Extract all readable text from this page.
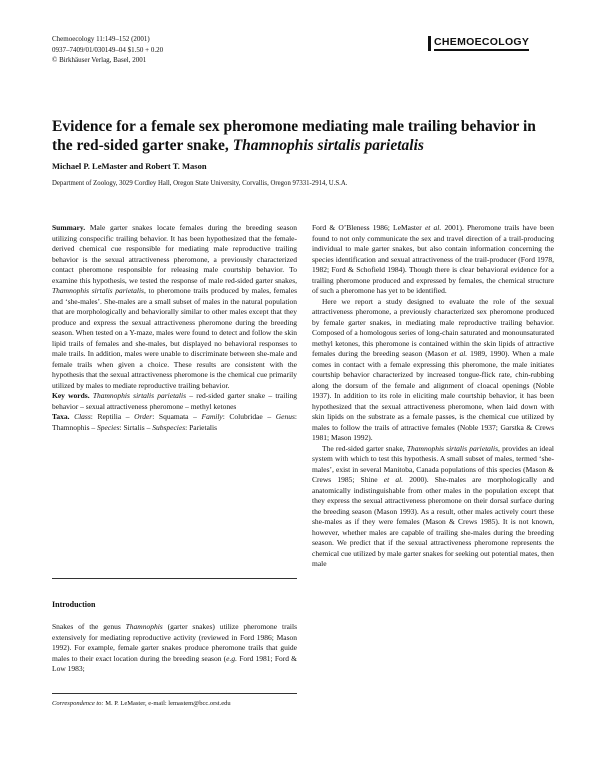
Chemoecology 11:149–152 (2001)
0937–7409/01/030149–04 $1.50 + 0.20
© Birkhäuser Verlag, Basel, 2001
CHEMOECOLOGY
Evidence for a female sex pheromone mediating male trailing behavior in
the red-sided garter snake, Thamnophis sirtalis parietalis
Michael P. LeMaster and Robert T. Mason
Department of Zoology, 3029 Cordley Hall, Oregon State University, Corvallis, Oregon 97331-2914, U.S.A.

Summary. Male garter snakes locate females during the breeding season utilizing conspecific trailing behavior. It has been hypothesized that the female-derived chemical cue responsible for mediating male reproductive trailing behavior is the sexual attractiveness pheromone, a previously characterized contact pheromone responsible for releasing male courtship behavior. To examine this hypothesis, we tested the response of male red-sided garter snakes, Thamnophis sirtalis parietalis, to pheromone trails produced by males, females and ‘she-males’. She-males are a small subset of males in the natural population that are morphologically and behaviorally similar to other males except that they produce and express the sexual attractiveness pheromone during the breeding season. When tested on a Y-maze, males were found to detect and follow the skin lipid trails of females and she-males, but displayed no behavioral responses to male trails. In addition, males were unable to discriminate between she-male and female trails when given a choice. These results are consistent with the hypothesis that the sexual attractiveness pheromone is the chemical cue primarily utilized by males to mediate reproductive trailing behavior.

Key words. Thamnophis sirtalis parietalis – red-sided garter snake – trailing behavior – sexual attractiveness pheromone – methyl ketones

Taxa. Class: Reptilia – Order: Squamata – Family: Colubridae – Genus: Thamnophis – Species: Sirtalis – Subspecies: Parietalis

Introduction
Snakes of the genus Thamnophis (garter snakes) utilize pheromone trails extensively for mediating reproductive activity (reviewed in Ford 1986; Mason 1992). For example, female garter snakes produce pheromone trails that guide males to their exact location during the breeding season (e.g. Ford 1981; Ford & Low 1983;
Correspondence to: M. P. LeMaster, e-mail: lemastem@bcc.orst.edu

Ford & O’Bleness 1986; LeMaster et al. 2001). Pheromone trails have been found to not only communicate the sex and travel direction of a trail-producing individual to male garter snakes, but also contain information concerning the species identification and sexual attractiveness of the trail-producer (Ford 1978, 1982; Ford & Schofield 1984). Though there is clear behavioral evidence for a trailing pheromone produced and expressed by females, the chemical structure of such a pheromone has yet to be identified.

Here we report a study designed to evaluate the role of the sexual attractiveness pheromone, a previously characterized sex pheromone produced by female garter snakes, in mediating male reproductive trailing behavior. Composed of a homologous series of long-chain saturated and monounsaturated methyl ketones, this pheromone is contained within the skin lipids of attractive females during the breeding season (Mason et al. 1989, 1990). When a male comes in contact with a female expressing this pheromone, the male initiates courtship behavior characterized by increased tongue-flick rate, chin-rubbing along the dorsum of the female and alignment of cloacal openings (Noble 1937). In addition to its role in eliciting male courtship behavior, it has been hypothesized that the sexual attractiveness pheromone, when laid down with skin lipids on the substrate as a female passes, is the chemical cue utilized by males to follow the trails of attractive females (Noble 1937; Garstka & Crews 1981; Mason 1992).

The red-sided garter snake, Thamnophis sirtalis parietalis, provides an ideal system with which to test this hypothesis. A small subset of males, termed ‘she-males’, exist in several Manitoba, Canada populations of this species (Mason & Crews 1985; Shine et al. 2000). She-males are morphologically and anatomically indistinguishable from other males in the population except that they express the sexual attractiveness pheromone on their dorsal surface during the breeding season (Mason 1993). As a result, other males actively court these she-males as if they were females (Mason & Crews 1985). It is not known, however, whether males are capable of trailing she-males during the breeding season. We predict that if the sexual attractiveness pheromone represents the chemical cue utilized by male garter snakes for seeking out potential mates, then male
